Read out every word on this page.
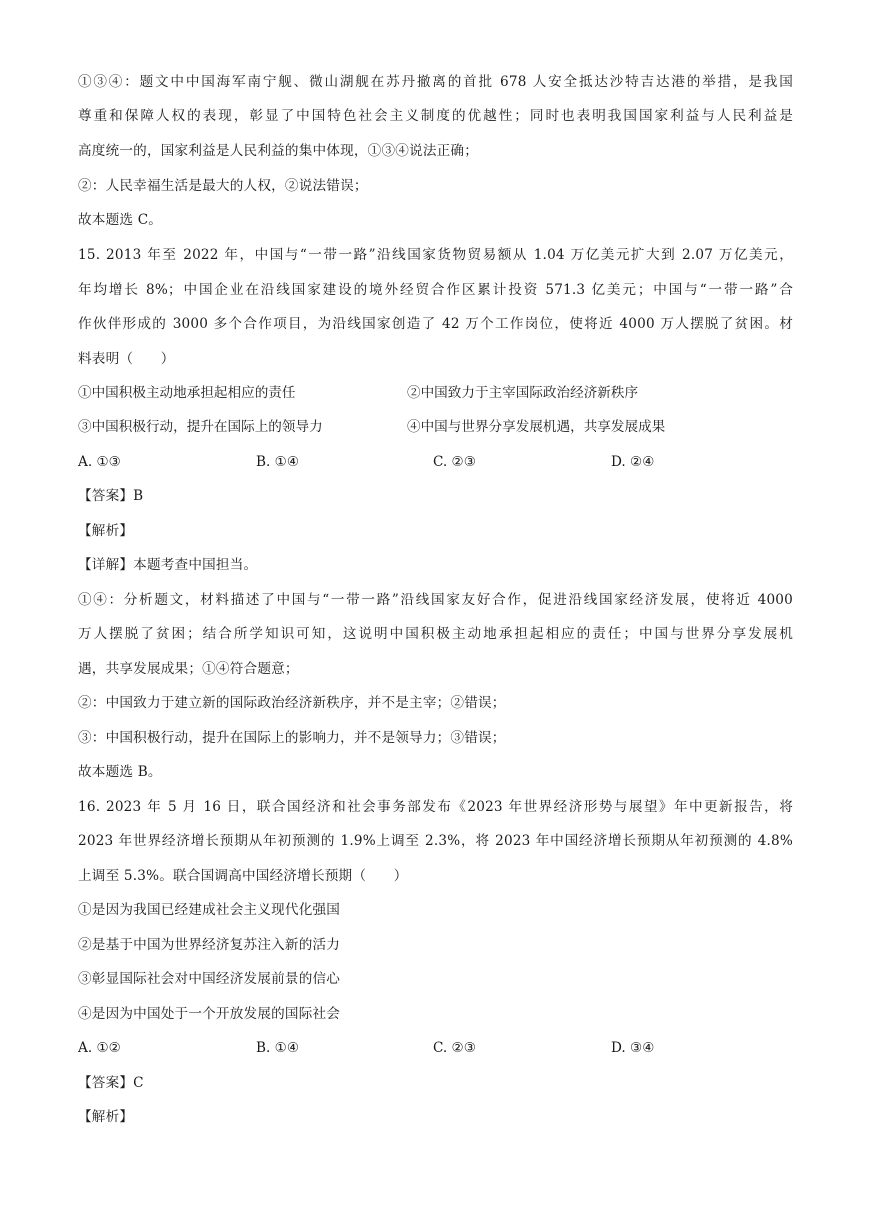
①③④：题文中中国海军南宁舰、微山湖舰在苏丹撤离的首批 678 人安全抵达沙特吉达港的举措，是我国
尊重和保障人权的表现，彰显了中国特色社会主义制度的优越性；同时也表明我国国家利益与人民利益是
高度统一的，国家利益是人民利益的集中体现，①③④说法正确；
②：人民幸福生活是最大的人权，②说法错误；
故本题选 C。
15. 2013 年至 2022 年，中国与“一带一路”沿线国家货物贸易额从 1.04 万亿美元扩大到 2.07 万亿美元，
年均增长 8%；中国企业在沿线国家建设的境外经贸合作区累计投资 571.3 亿美元；中国与“一带一路”合
作伙伴形成的 3000 多个合作项目，为沿线国家创造了 42 万个工作岗位，使将近 4000 万人摆脱了贫困。材
料表明（　　）
①中国积极主动地承担起相应的责任	②中国致力于主宰国际政治经济新秩序
③中国积极行动，提升在国际上的领导力	④中国与世界分享发展机遇，共享发展成果
A. ①③	B. ①④	C. ②③	D. ②④
【答案】B
【解析】
【详解】本题考查中国担当。
①④：分析题文，材料描述了中国与“一带一路”沿线国家友好合作，促进沿线国家经济发展，使将近 4000
万人摆脱了贫困；结合所学知识可知，这说明中国积极主动地承担起相应的责任；中国与世界分享发展机
遇，共享发展成果；①④符合题意；
②：中国致力于建立新的国际政治经济新秩序，并不是主宰；②错误；
③：中国积极行动，提升在国际上的影响力，并不是领导力；③错误；
故本题选 B。
16. 2023 年 5 月 16 日，联合国经济和社会事务部发布《2023 年世界经济形势与展望》年中更新报告，将
2023 年世界经济增长预期从年初预测的 1.9%上调至 2.3%，将 2023 年中国经济增长预期从年初预测的 4.8%
上调至 5.3%。联合国调高中国经济增长预期（　　）
①是因为我国已经建成社会主义现代化强国
②是基于中国为世界经济复苏注入新的活力
③彰显国际社会对中国经济发展前景的信心
④是因为中国处于一个开放发展的国际社会
A. ①②	B. ①④	C. ②③	D. ③④
【答案】C
【解析】
